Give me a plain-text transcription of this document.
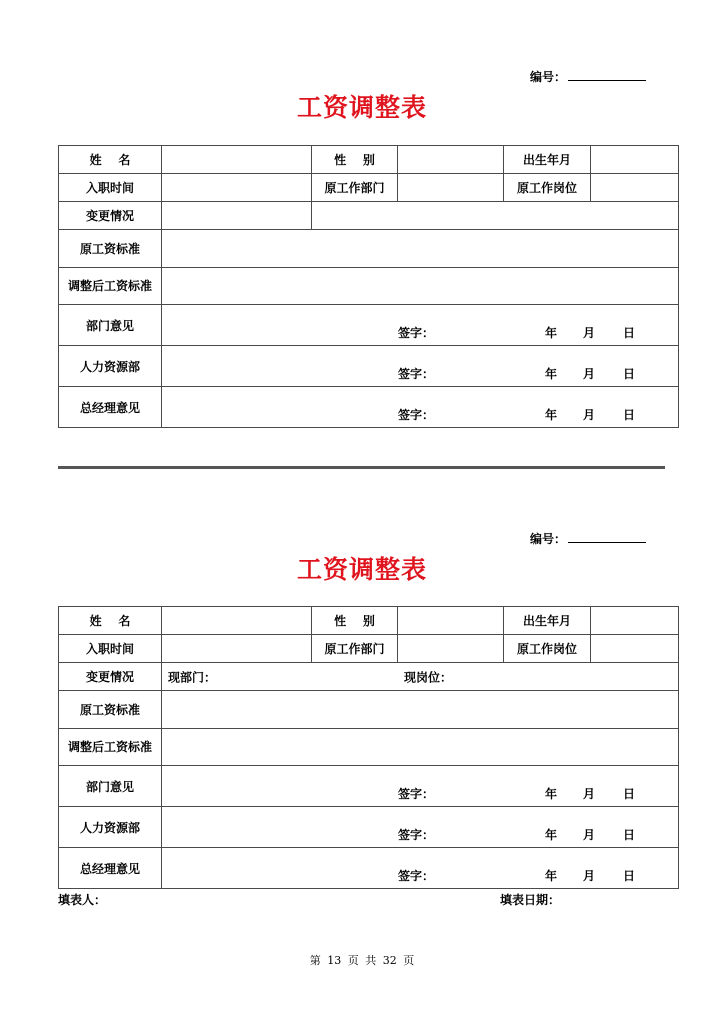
编号：
工资调整表
姓    名		性    别		出生年月	
入职时间		原工作部门		原工作岗位	
变更情况					
原工资标准					
调整后工资标准					
部门意见	签字： 年 月 日				

人力资源部	签字： 年 月 日				

总经理意见	签字： 年 月 日				
编号：
工资调整表
姓    名		性    别		出生年月	
入职时间		原工作部门		原工作岗位	
变更情况	现部门： 现岗位：				

原工资标准					
调整后工资标准					
部门意见	签字： 年 月 日				

人力资源部	签字： 年 月 日				

总经理意见	签字： 年 月 日				
填表人：	填表日期：
第 13 页 共 32 页
